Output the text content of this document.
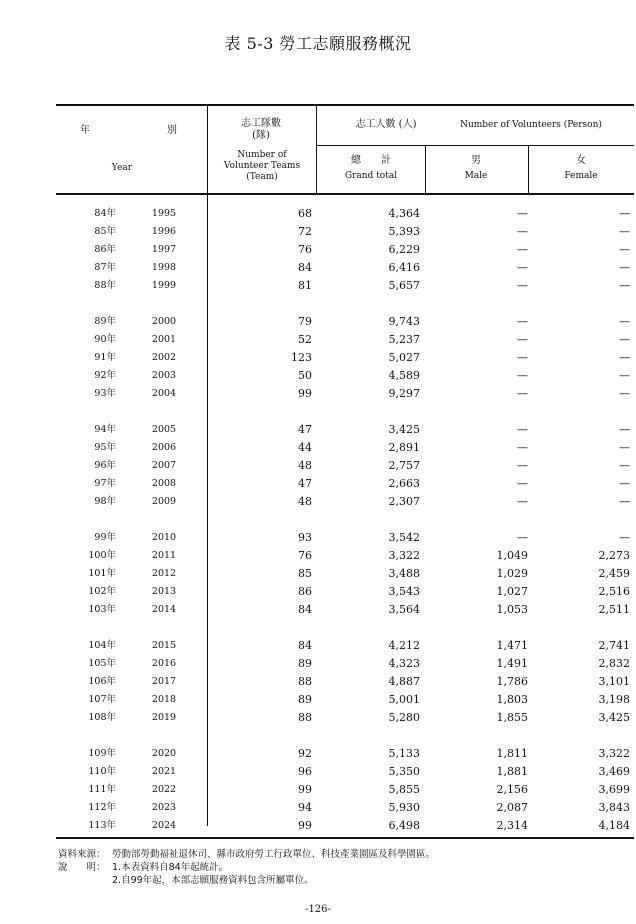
表 5-3 勞工志願服務概況
年	別
Year
志工隊數
(隊)
Number of
Volunteer Teams
(Team)
志工人數 (人)	Number of Volunteers (Person)
總　　計
Grand total
男
Male
女
Female
84年	1995	68	4,364	—	—
85年	1996	72	5,393	—	—
86年	1997	76	6,229	—	—
87年	1998	84	6,416	—	—
88年	1999	81	5,657	—	—
89年	2000	79	9,743	—	—
90年	2001	52	5,237	—	—
91年	2002	123	5,027	—	—
92年	2003	50	4,589	—	—
93年	2004	99	9,297	—	—
94年	2005	47	3,425	—	—
95年	2006	44	2,891	—	—
96年	2007	48	2,757	—	—
97年	2008	47	2,663	—	—
98年	2009	48	2,307	—	—
99年	2010	93	3,542	—	—
100年	2011	76	3,322	1,049	2,273
101年	2012	85	3,488	1,029	2,459
102年	2013	86	3,543	1,027	2,516
103年	2014	84	3,564	1,053	2,511
104年	2015	84	4,212	1,471	2,741
105年	2016	89	4,323	1,491	2,832
106年	2017	88	4,887	1,786	3,101
107年	2018	89	5,001	1,803	3,198
108年	2019	88	5,280	1,855	3,425
109年	2020	92	5,133	1,811	3,322
110年	2021	96	5,350	1,881	3,469
111年	2022	99	5,855	2,156	3,699
112年	2023	94	5,930	2,087	3,843
113年	2024	99	6,498	2,314	4,184
資料來源： 勞動部勞動福祉退休司、縣市政府勞工行政單位、科技產業園區及科學園區。
說　　明： 1.本表資料自84年起統計。
2.自99年起，本部志願服務資料包含所屬單位。
-126-
